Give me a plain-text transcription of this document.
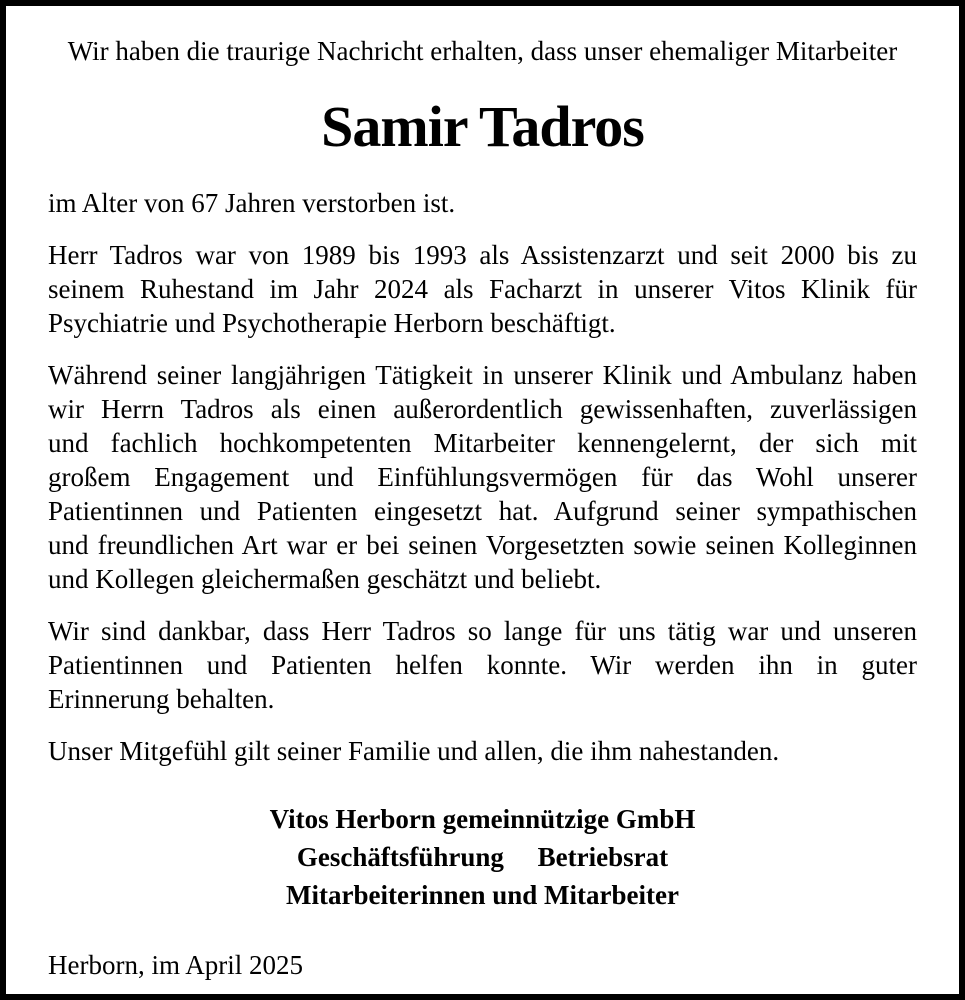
Wir haben die traurige Nachricht erhalten, dass unser ehemaliger Mitarbeiter
Samir Tadros
im Alter von 67 Jahren verstorben ist.
Herr Tadros war von 1989 bis 1993 als Assistenzarzt und seit 2000 bis zu
seinem Ruhestand im Jahr 2024 als Facharzt in unserer Vitos Klinik für
Psychiatrie und Psychotherapie Herborn beschäftigt.
Während seiner langjährigen Tätigkeit in unserer Klinik und Ambulanz haben
wir Herrn Tadros als einen außerordentlich gewissenhaften, zuverlässigen
und fachlich hochkompetenten Mitarbeiter kennengelernt, der sich mit
großem Engagement und Einfühlungsvermögen für das Wohl unserer
Patientinnen und Patienten eingesetzt hat. Aufgrund seiner sympathischen
und freundlichen Art war er bei seinen Vorgesetzten sowie seinen Kolleginnen
und Kollegen gleichermaßen geschätzt und beliebt.
Wir sind dankbar, dass Herr Tadros so lange für uns tätig war und unseren
Patientinnen und Patienten helfen konnte. Wir werden ihn in guter
Erinnerung behalten.
Unser Mitgefühl gilt seiner Familie und allen, die ihm nahestanden.
Vitos Herborn gemeinnützige GmbH
Geschäftsführung     Betriebsrat
Mitarbeiterinnen und Mitarbeiter
Herborn, im April 2025
